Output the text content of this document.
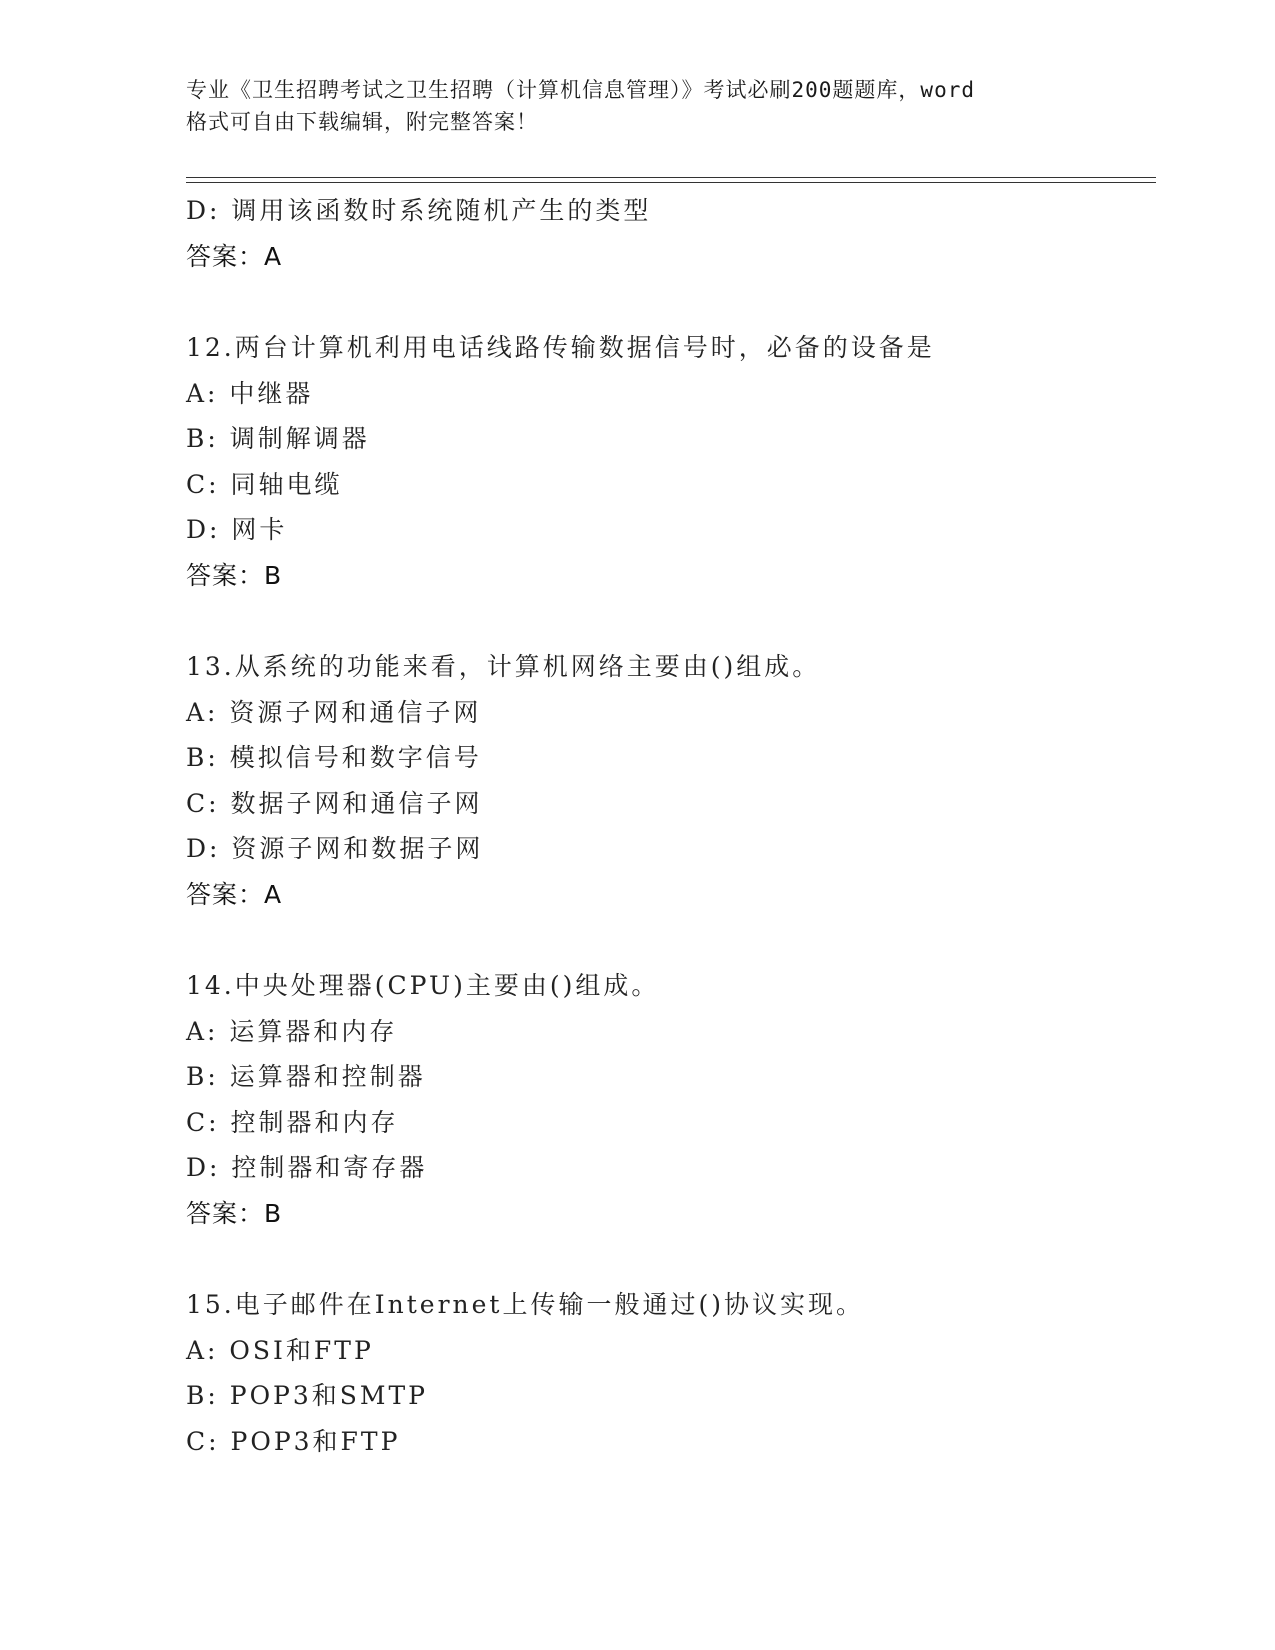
专业《卫生招聘考试之卫生招聘（计算机信息管理）》考试必刷200题题库，word
格式可自由下载编辑，附完整答案！
D: 调用该函数时系统随机产生的类型
答案：A
12.两台计算机利用电话线路传输数据信号时，必备的设备是
A: 中继器
B: 调制解调器
C: 同轴电缆
D: 网卡
答案：B
13.从系统的功能来看，计算机网络主要由()组成。
A: 资源子网和通信子网
B: 模拟信号和数字信号
C: 数据子网和通信子网
D: 资源子网和数据子网
答案：A
14.中央处理器(CPU)主要由()组成。
A: 运算器和内存
B: 运算器和控制器
C: 控制器和内存
D: 控制器和寄存器
答案：B
15.电子邮件在Internet上传输一般通过()协议实现。
A: OSI和FTP
B: POP3和SMTP
C: POP3和FTP
